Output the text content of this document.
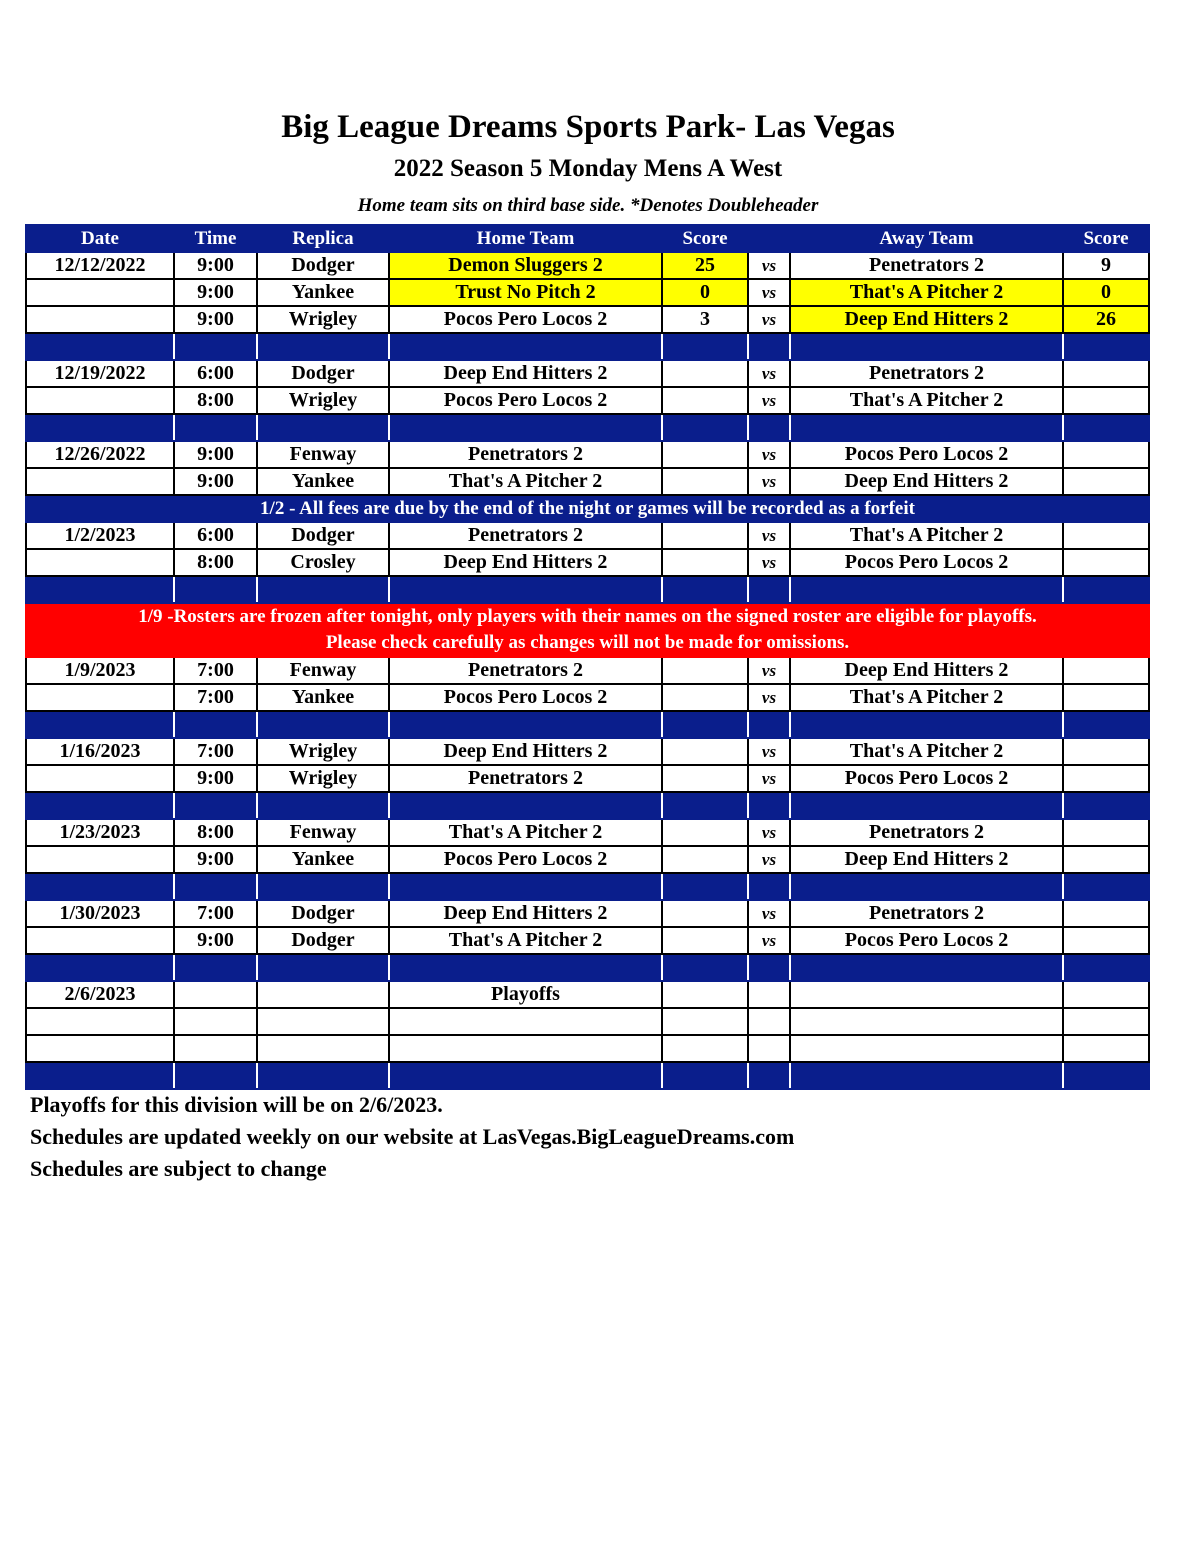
Big League Dreams Sports Park- Las Vegas
2022 Season 5 Monday Mens A West
Home team sits on third base side. *Denotes Doubleheader
Date	Time	Replica	Home Team	Score		Away Team	Score
12/12/2022	9:00	Dodger	Demon Sluggers 2	25	vs	Penetrators 2	9
	9:00	Yankee	Trust No Pitch 2	0	vs	That's A Pitcher 2	0
	9:00	Wrigley	Pocos Pero Locos 2	3	vs	Deep End Hitters 2	26

12/19/2022	6:00	Dodger	Deep End Hitters 2		vs	Penetrators 2	
	8:00	Wrigley	Pocos Pero Locos 2		vs	That's A Pitcher 2	

12/26/2022	9:00	Fenway	Penetrators 2		vs	Pocos Pero Locos 2	
	9:00	Yankee	That's A Pitcher 2		vs	Deep End Hitters 2	
1/2 - All fees are due by the end of the night or games will be recorded as a forfeit							
1/2/2023	6:00	Dodger	Penetrators 2		vs	That's A Pitcher 2	
	8:00	Crosley	Deep End Hitters 2		vs	Pocos Pero Locos 2	

1/9 -Rosters are frozen after tonight, only players with their names on the signed roster are eligible for playoffs.
Please check carefully as changes will not be made for omissions.							

1/9/2023	7:00	Fenway	Penetrators 2		vs	Deep End Hitters 2	
	7:00	Yankee	Pocos Pero Locos 2		vs	That's A Pitcher 2	

1/16/2023	7:00	Wrigley	Deep End Hitters 2		vs	That's A Pitcher 2	
	9:00	Wrigley	Penetrators 2		vs	Pocos Pero Locos 2	

1/23/2023	8:00	Fenway	That's A Pitcher 2		vs	Penetrators 2	
	9:00	Yankee	Pocos Pero Locos 2		vs	Deep End Hitters 2	

1/30/2023	7:00	Dodger	Deep End Hitters 2		vs	Penetrators 2	
	9:00	Dodger	That's A Pitcher 2		vs	Pocos Pero Locos 2	

2/6/2023			Playoffs				

Playoffs for this division will be on 2/6/2023.
Schedules are updated weekly on our website at LasVegas.BigLeagueDreams.com
Schedules are subject to change
